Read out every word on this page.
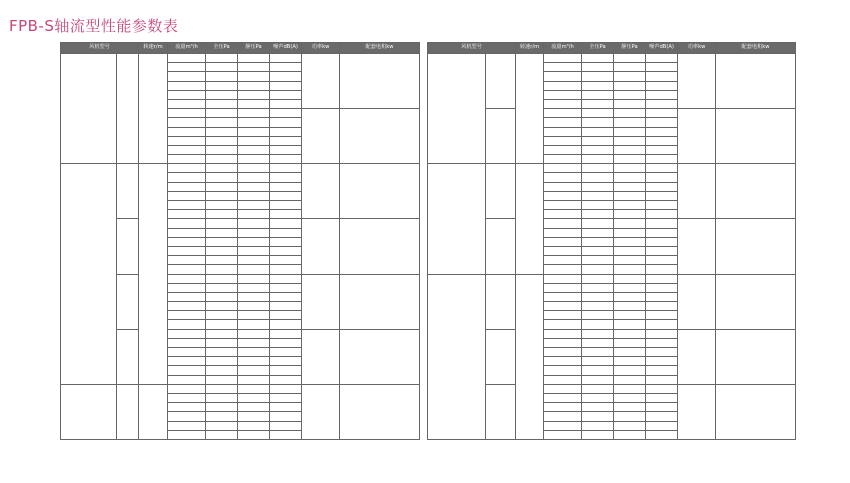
FPB-S轴流型性能参数表
风机型号		转速r/m	流量m³/h	全压Pa	静压Pa	噪声dB(A)	功率kw	配套电机kw

				风机型号		转速r/m	流量m³/h	全压Pa	静压Pa	噪声dB(A)	功率kw	配套电机kw
